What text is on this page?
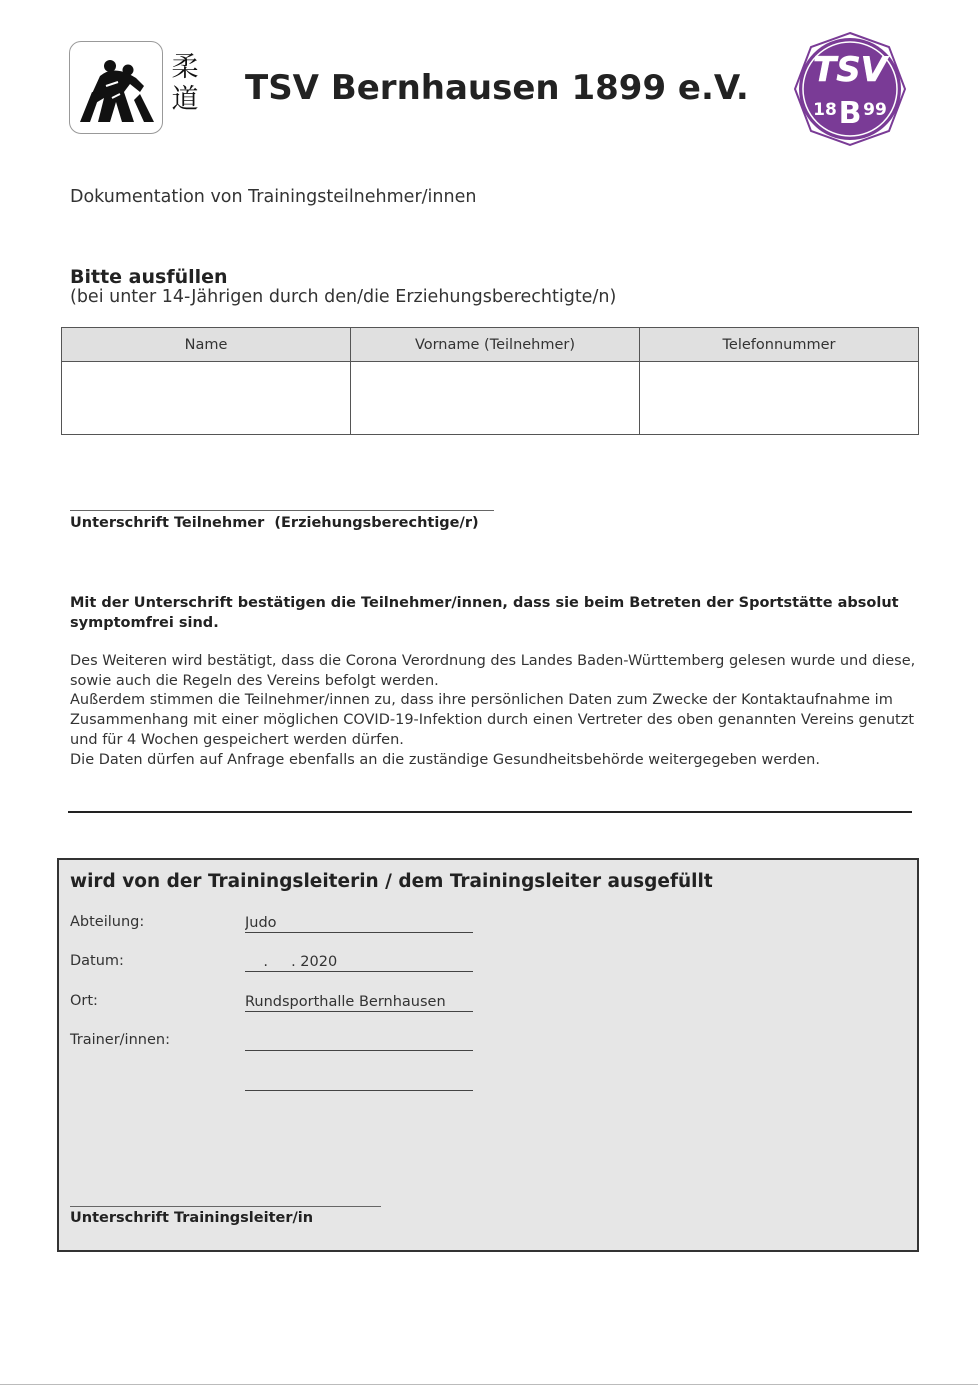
柔道 TSV Bernhausen 1899 e.V. TSV
18 B 99
Dokumentation von Trainingsteilnehmer/innen
Bitte ausfüllen
(bei unter 14-Jährigen durch den/die Erziehungsberechtigte/n)
Name	Vorname (Teilnehmer)	Telefonnummer

Unterschrift Teilnehmer  (Erziehungsberechtige/r)
Mit der Unterschrift bestätigen die Teilnehmer/innen, dass sie beim Betreten der Sportstätte absolut symptomfrei sind.

Des Weiteren wird bestätigt, dass die Corona Verordnung des Landes Baden-Württemberg gelesen wurde und diese, sowie auch die Regeln des Vereins befolgt werden.

Außerdem stimmen die Teilnehmer/innen zu, dass ihre persönlichen Daten zum Zwecke der Kontaktaufnahme im Zusammenhang mit einer möglichen COVID-19-Infektion durch einen Vertreter des oben genannten Vereins genutzt und für 4 Wochen gespeichert werden dürfen.

Die Daten dürfen auf Anfrage ebenfalls an die zuständige Gesundheitsbehörde weitergegeben werden.

wird von der Trainingsleiterin / dem Trainingsleiter ausgefüllt
Abteilung:	Judo
Datum:	.     . 2020
Ort:	Rundsporthalle Bernhausen
Trainer/innen:
Unterschrift Trainingsleiter/in
